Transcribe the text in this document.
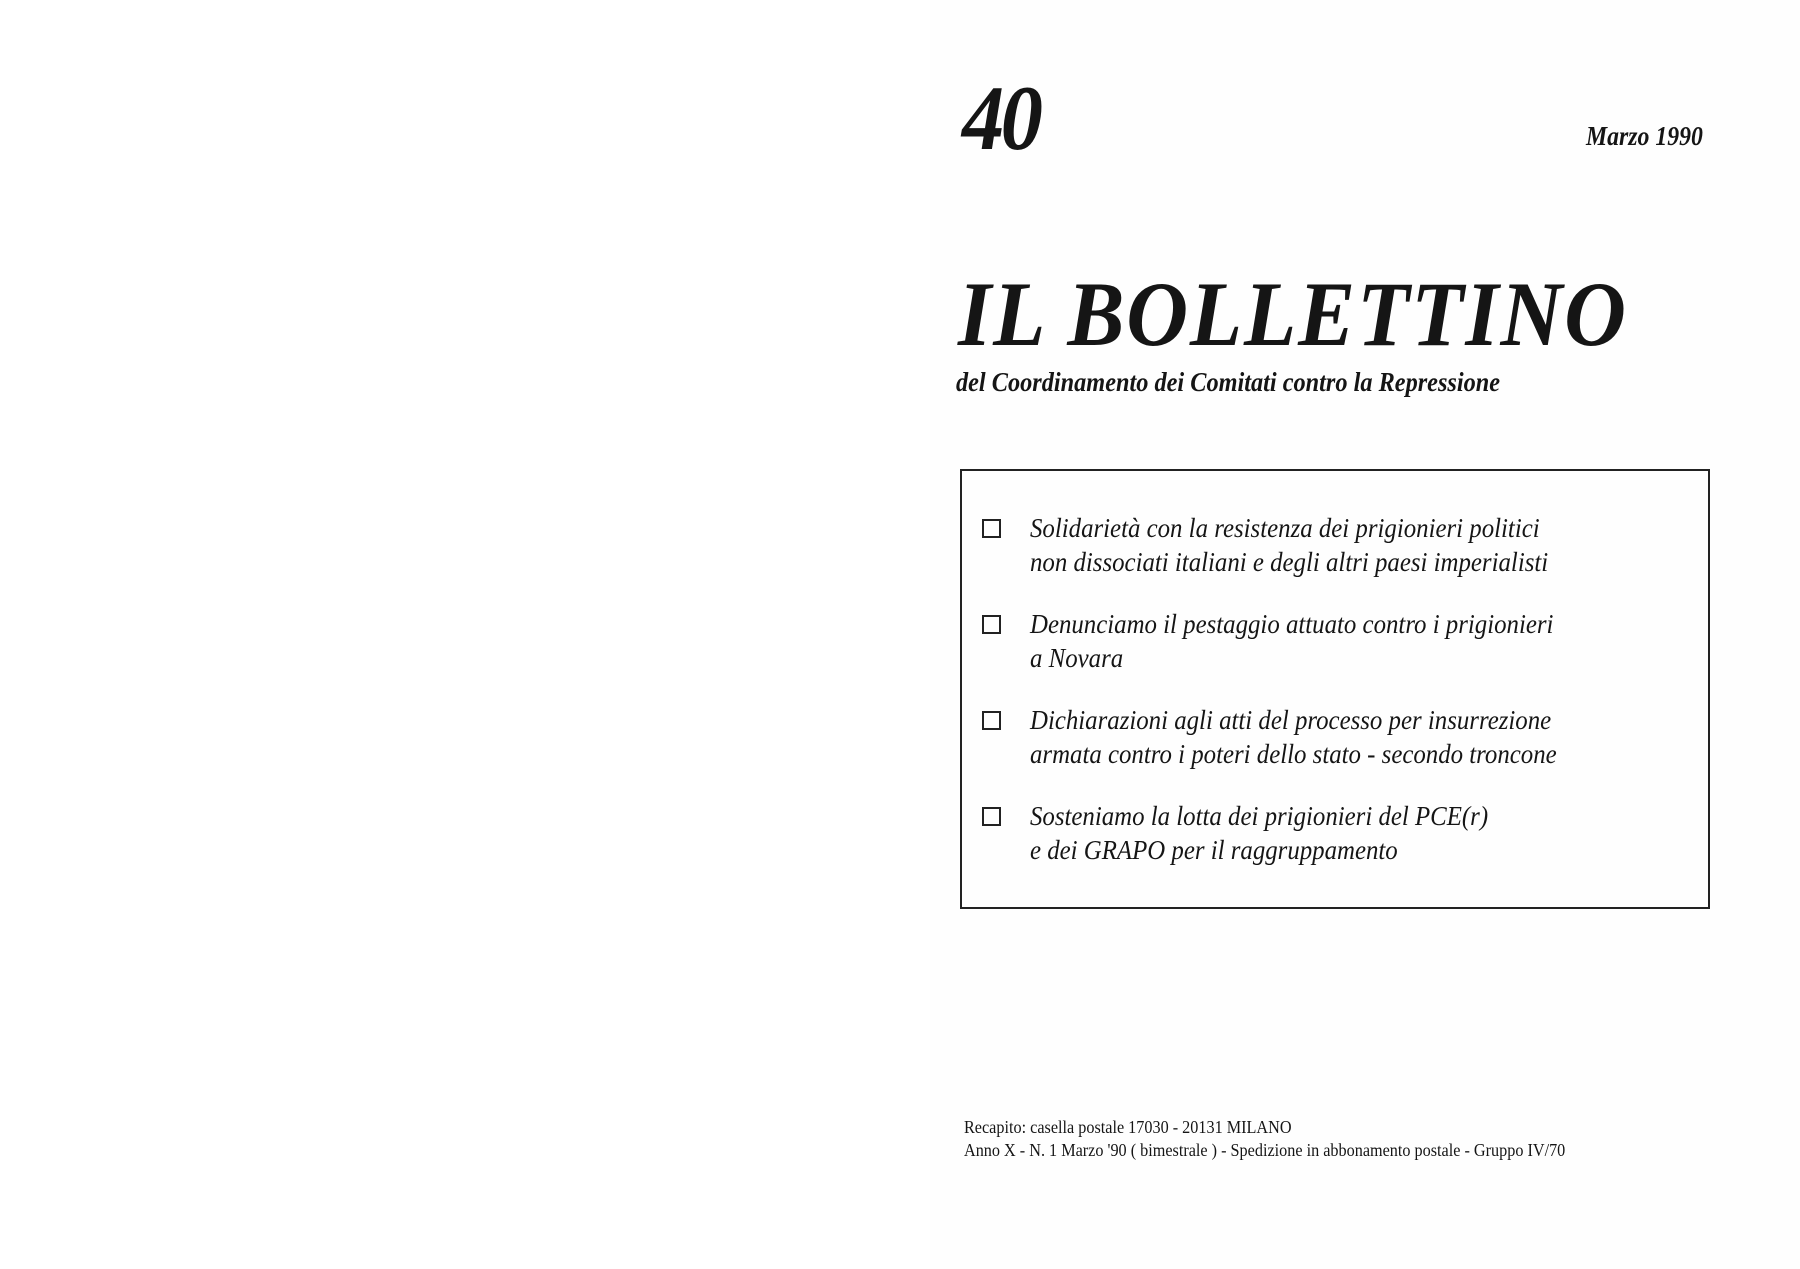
40	Marzo 1990
IL BOLLETTINO
del Coordinamento dei Comitati contro la Repressione
Solidarietà con la resistenza dei prigionieri politici
non dissociati italiani e degli altri paesi imperialisti
Denunciamo il pestaggio attuato contro i prigionieri
a Novara
Dichiarazioni agli atti del processo per insurrezione
armata contro i poteri dello stato - secondo troncone
Sosteniamo la lotta dei prigionieri del PCE(r)
e dei GRAPO per il raggruppamento
Recapito: casella postale 17030 - 20131 MILANO
Anno X - N. 1 Marzo '90 ( bimestrale ) - Spedizione in abbonamento postale - Gruppo IV/70
